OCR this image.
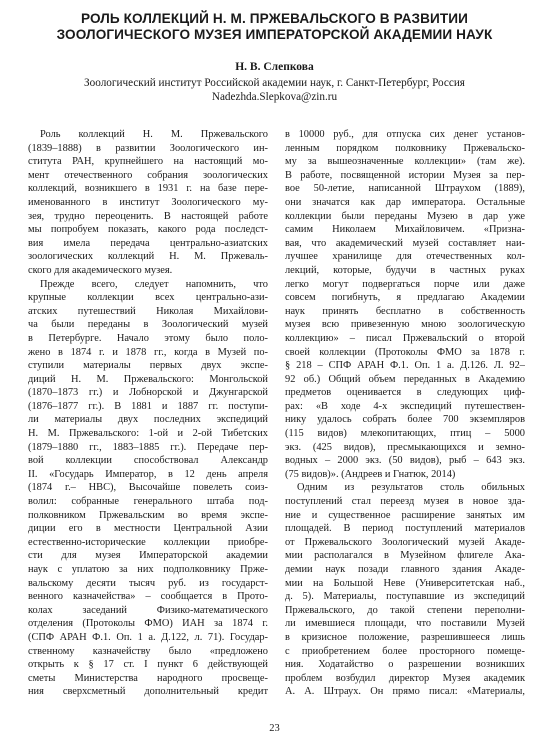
РОЛЬ КОЛЛЕКЦИЙ Н. М. ПРЖЕВАЛЬСКОГО В РАЗВИТИИ
ЗООЛОГИЧЕСКОГО МУЗЕЯ ИМПЕРАТОРСКОЙ АКАДЕМИИ НАУК
Н. В. Слепкова
Зоологический институт Российской академии наук, г. Санкт-Петербург, Россия
Nadezhda.Slepkova@zin.ru
Роль коллекций Н. М. Пржевальского
(1839–1888) в развитии Зоологического ин-
ститута РАН, крупнейшего на настоящий мо-
мент отечественного собрания зоологических
коллекций, возникшего в 1931 г. на базе пере-
именованного в институт Зоологического му-
зея, трудно переоценить. В настоящей работе
мы попробуем показать, какого рода последст-
вия имела передача центрально-азиатских
зоологических коллекций Н. М. Пржеваль-
ского для академического музея.
Прежде всего, следует напомнить, что
крупные коллекции всех центрально-ази-
атских путешествий Николая Михайлови-
ча были переданы в Зоологический музей
в Петербурге. Начало этому было поло-
жено в 1874 г. и 1878 гг., когда в Музей по-
ступили материалы первых двух экспе-
диций Н. М. Пржевальского: Монгольской
(1870–1873 гг.) и Лобнорской и Джунгарской
(1876–1877 гг.). В 1881 и 1887 гг. поступи-
ли материалы двух последних экспедиций
Н. М. Пржевальского: 1-ой и 2-ой Тибетских
(1879–1880 гг., 1883–1885 гг.). Передаче пер-
вой коллекции способствовал Александр
II. «Государь Император, в 12 день апреля
(1874 г.– НВС), Высочайше повелеть соиз-
волил: собранные генерального штаба под-
полковником Пржевальским во время экспе-
диции его в местности Центральной Азии
естественно-исторические коллекции приобре-
сти для музея Императорской академии
наук с уплатою за них подполковнику Прже-
вальскому десяти тысяч руб. из государст-
венного казначейства» – сообщается в Прото-
колах заседаний Физико-математического
отделения (Протоколы ФМО) ИАН за 1874 г.
(СПФ АРАН Ф.1. Оп. 1 а. Д.122, л. 71). Государ-
ственному казначейству было «предложено
открыть к § 17 ст. I пункт 6 действующей
сметы Министерства народного просвеще-
ния сверхсметный дополнительный кредит
в 10000 руб., для отпуска сих денег установ-
ленным порядком полковнику Пржевальско-
му за вышеозначенные коллекции» (там же).
В работе, посвященной истории Музея за пер-
вое 50-летие, написанной Штраухом (1889),
они значатся как дар императора. Остальные
коллекции были переданы Музею в дар уже
самим Николаем Михайловичем. «Призна-
вая, что академический музей составляет наи-
лучшее хранилище для отечественных кол-
лекций, которые, будучи в частных руках
легко могут подвергаться порче или даже
совсем погибнуть, я предлагаю Академии
наук принять бесплатно в собственность
музея всю привезенную мною зоологическую
коллекцию» – писал Пржевальский о второй
своей коллекции (Протоколы ФМО за 1878 г.
§ 218 – СПФ АРАН Ф.1. Оп. 1 а. Д.126. Л. 92–
92 об.) Общий объем переданных в Академию
предметов оценивается в следующих циф-
рах: «В ходе 4-х экспедиций путешествен-
нику удалось собрать более 700 экземпляров
(115 видов) млекопитающих, птиц – 5000
экз. (425 видов), пресмыкающихся и земно-
водных – 2000 экз. (50 видов), рыб – 643 экз.
(75 видов)». (Андреев и Гнатюк, 2014)
Одним из результатов столь обильных
поступлений стал переезд музея в новое зда-
ние и существенное расширение занятых им
площадей. В период поступлений материалов
от Пржевальского Зоологический музей Акаде-
мии располагался в Музейном флигеле Ака-
демии наук позади главного здания Акаде-
мии на Большой Неве (Университетская наб.,
д. 5). Материалы, поступавшие из экспедиций
Пржевальского, до такой степени переполни-
ли имевшиеся площади, что поставили Музей
в кризисное положение, разрешившееся лишь
с приобретением более просторного помеще-
ния. Ходатайство о разрешении возникших
проблем возбудил директор Музея академик
А. А. Штраух. Он прямо писал: «Материалы,
23
